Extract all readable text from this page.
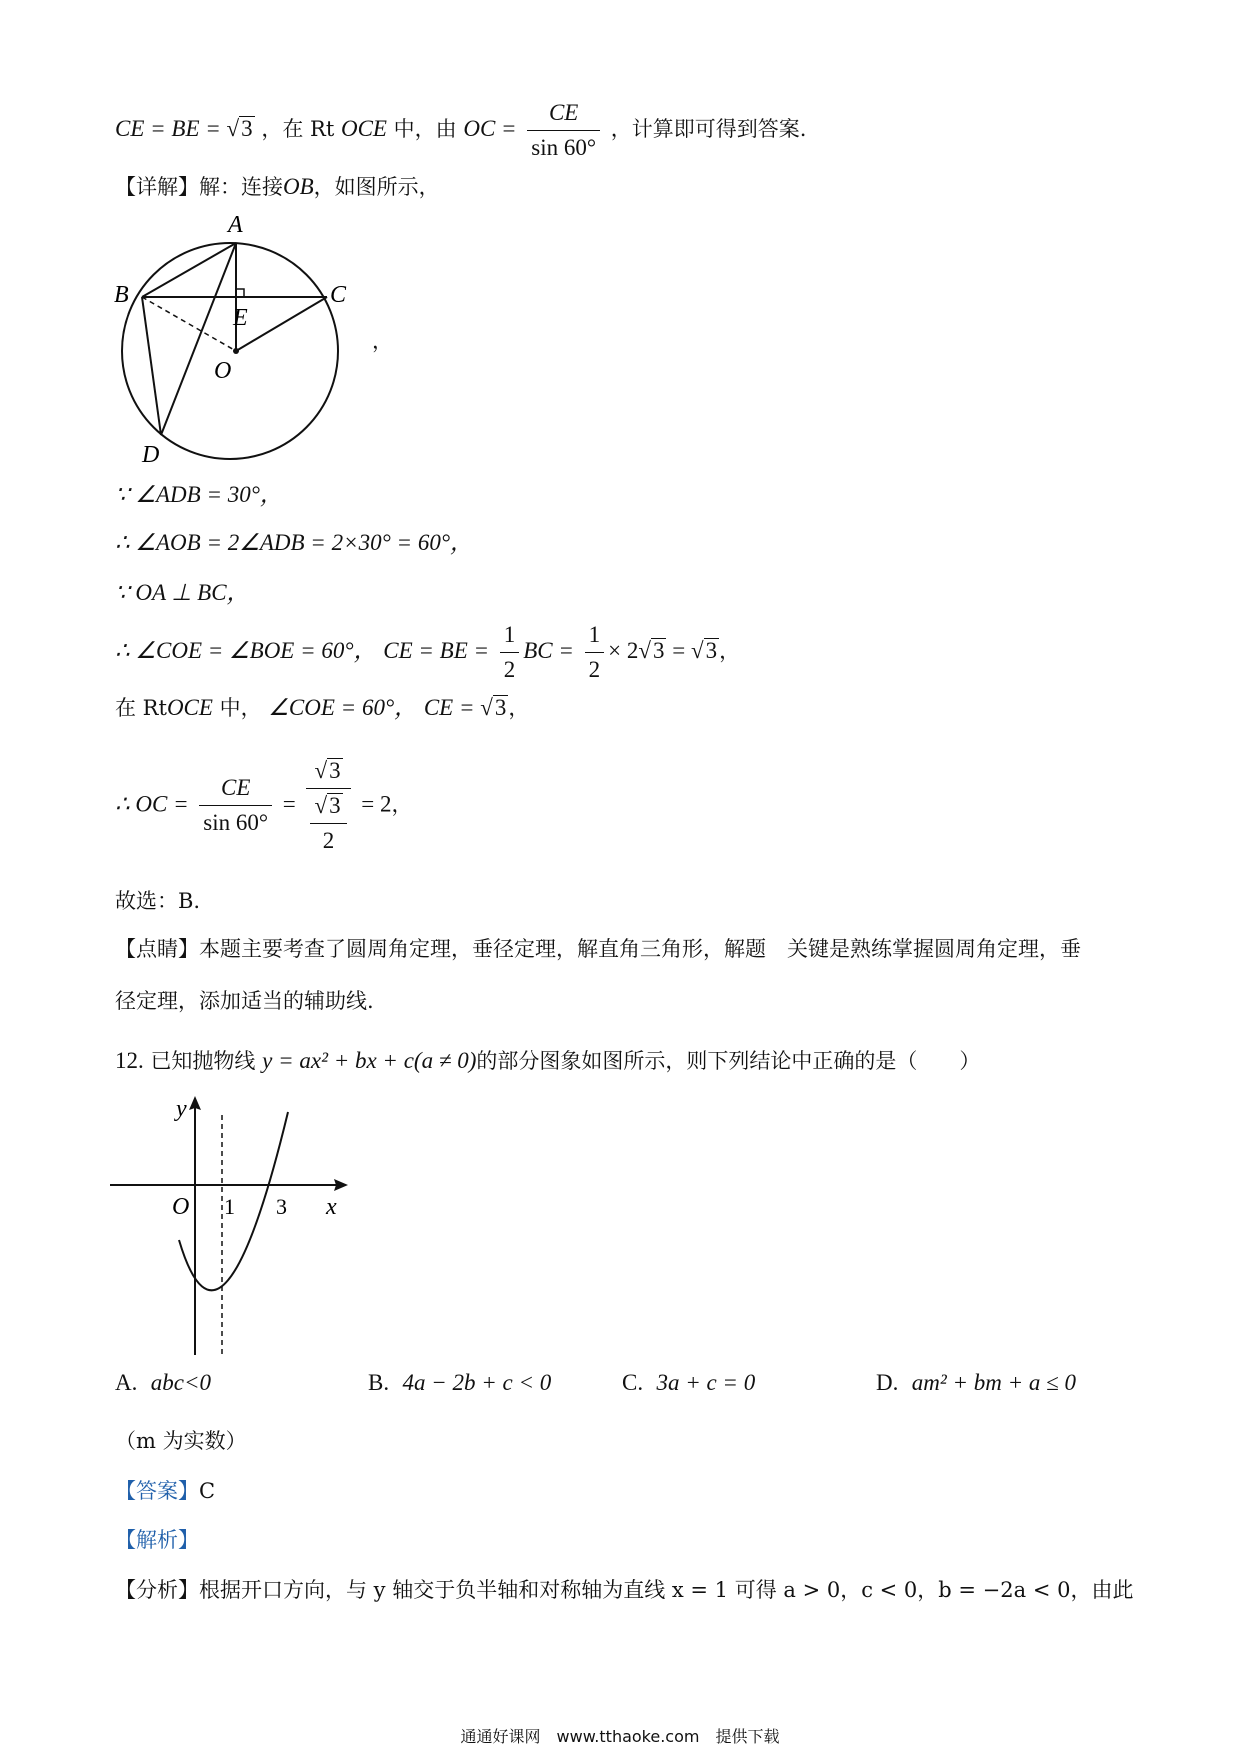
CE = BE = √3 ，在 Rt OCE 中，由 OC = $\frac{CE}{\sin 60^\circ}$ ，计算即可得到答案.
【详解】解：连接OB，如图所示，
A
B	C
E
O
D
，
∵ ∠ADB = 30°，
∴ ∠AOB = 2∠ADB = 2×30° = 60°，
∵ OA ⊥ BC，
∴ ∠COE = ∠BOE = 60°， CE = BE = $\frac{1}{2}$ BC = $\frac{1}{2} \times 2√3 = √3$，
在 RtOCE 中， ∠COE = 60°， CE = √3，
∴ OC = $\frac{CE}{\sin 60^\circ} = \frac{√3}{\frac{√3}{2}} = 2$，
故选：B.
【点睛】本题主要考查了圆周角定理，垂径定理，解直角三角形，解题　关键是熟练掌握圆周角定理，垂
径定理，添加适当的辅助线.
12. 已知抛物线 y = ax² + bx + c(a ≠ 0)的部分图象如图所示，则下列结论中正确的是（　　）
y
x
O 1 3
A. abc<0	B. 4a − 2b + c < 0	C. 3a + c = 0	D. am² + bm + a ≤ 0
（m 为实数）
【答案】C
【解析】
【分析】根据开口方向，与 y 轴交于负半轴和对称轴为直线 x = 1 可得 a > 0，c < 0，b = −2a < 0，由此
通通好课网　www.tthaoke.com　提供下载
